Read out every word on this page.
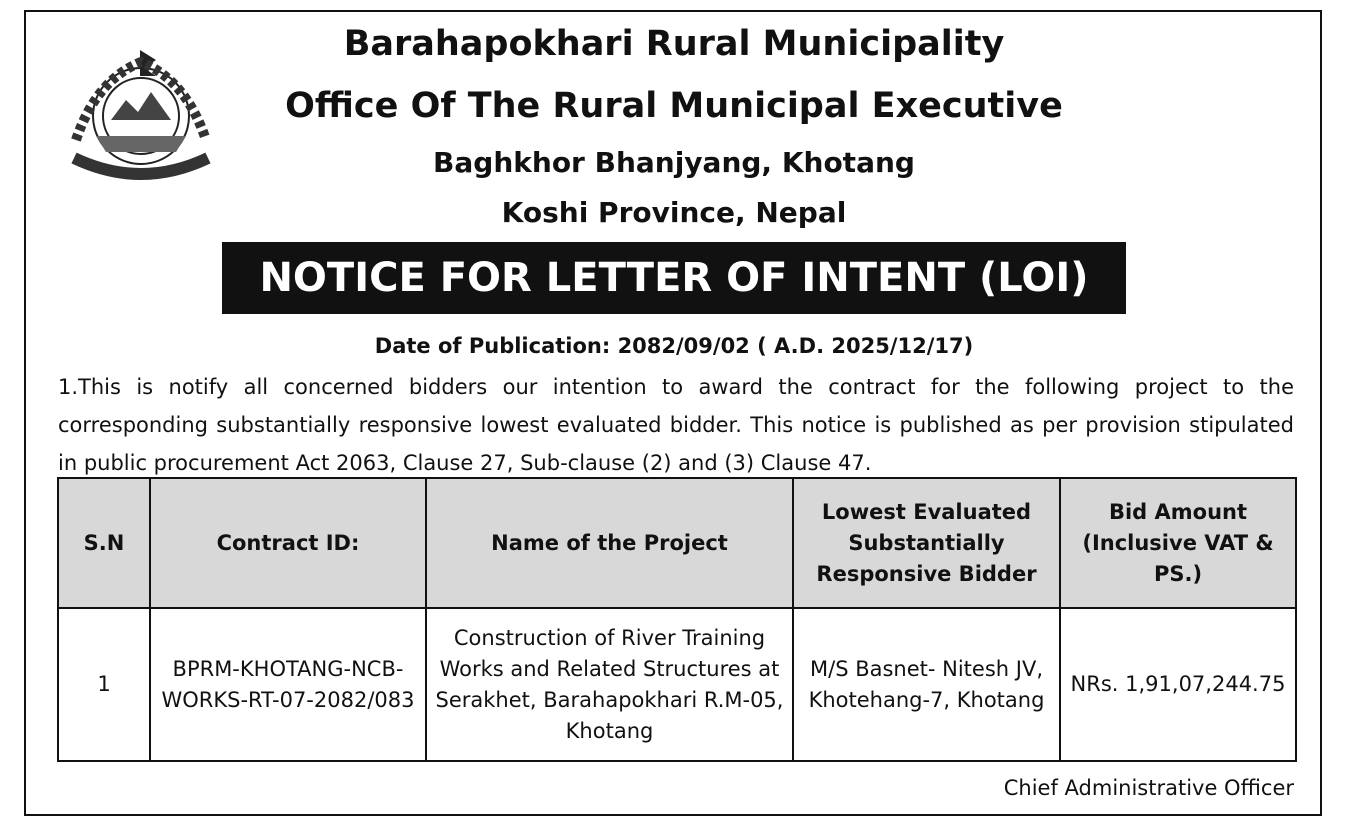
Barahapokhari Rural Municipality
Office Of The Rural Municipal Executive
Baghkhor Bhanjyang, Khotang
Koshi Province, Nepal
NOTICE FOR LETTER OF INTENT (LOI)
Date of Publication: 2082/09/02 ( A.D. 2025/12/17)
1.This is notify all concerned bidders our intention to award the contract for the following project to the corresponding substantially responsive lowest evaluated bidder. This notice is published as per provision stipulated in public procurement Act 2063, Clause 27, Sub-clause (2) and (3) Clause 47.
S.N	Contract ID:	Name of the Project	Lowest Evaluated Substantially Responsive Bidder	Bid Amount (Inclusive VAT & PS.)
1	BPRM-KHOTANG-NCB-WORKS-RT-07-2082/083	Construction of River Training Works and Related Structures at Serakhet, Barahapokhari R.M-05, Khotang	M/S Basnet- Nitesh JV, Khotehang-7, Khotang	NRs. 1,91,07,244.75
Chief Administrative Officer
